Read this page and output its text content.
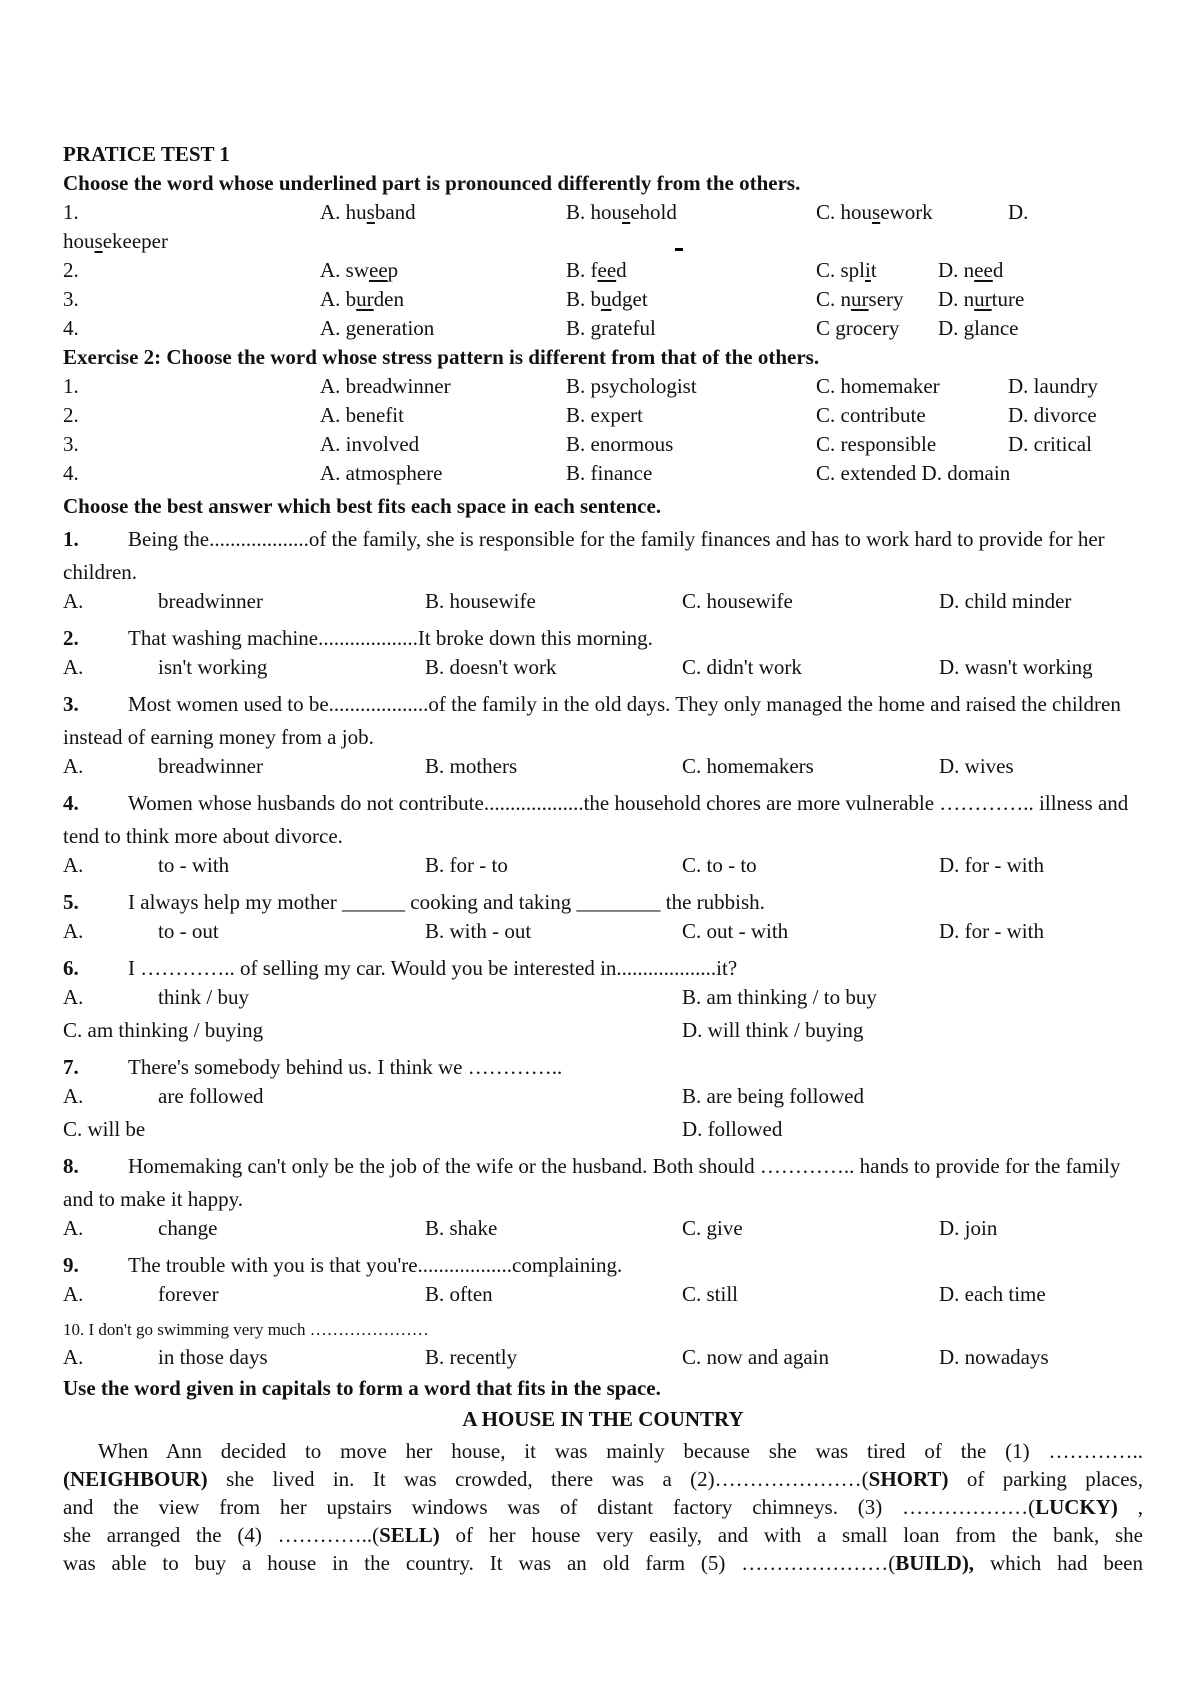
PRATICE TEST 1
Choose the word whose underlined part is pronounced differently from the others.
1.	A. husband	B. household	C. housework	D.
housekeeper
2.	A. sweep	B. feed	C. split	D. need
3.	A. burden	B. budget	C. nursery D. nurture
4.	A. generation	B. grateful	C grocery D. glance
Exercise 2: Choose the word whose stress pattern is different from that of the others.
1.	A. breadwinner	B. psychologist	C. homemaker	D. laundry
2.	A. benefit	B. expert	C. contribute	D. divorce
3.	A. involved	B. enormous	C. responsible	D. critical
4.	A. atmosphere	B. finance	C. extended D. domain
Choose the best answer which best fits each space in each sentence.
1.	Being the...................of the family, she is responsible for the family finances and has to work hard to provide for her children.
A.	breadwinner	B. housewife	C. housewife	D. child minder
2.	That washing machine...................It broke down this morning.
A.	isn't working	B. doesn't work	C. didn't work	D. wasn't working
3.	Most women used to be...................of the family in the old days. They only managed the home and raised the children instead of earning money from a job.
A.	breadwinner	B. mothers	C. homemakers	D. wives
4.	Women whose husbands do not contribute...................the household chores are more vulnerable ………….. illness and tend to think more about divorce.
A.	to - with	B. for - to	C. to - to	D. for - with
5.	I always help my mother ______ cooking and taking ________ the rubbish.
A.	to - out	B. with - out	C. out - with	D. for - with
6.	I ………….. of selling my car. Would you be interested in...................it?
A.	think / buy	B. am thinking / to buy
C. am thinking / buying	D. will think / buying
7.	There's somebody behind us. I think we …………..
A.	are followed	B. are being followed
C. will be	D. followed
8.	Homemaking can't only be the job of the wife or the husband. Both should ………….. hands to provide for the family and to make it happy.
A.	change	B. shake	C. give	D. join
9.	The trouble with you is that you're..................complaining.
A.	forever	B. often	C. still	D. each time
10. I don't go swimming very much …………………
A.	in those days	B. recently	C. now and again	D. nowadays
Use the word given in capitals to form a word that fits in the space.
A HOUSE IN THE COUNTRY
When Ann decided to move her house, it was mainly because she was tired of the (1) …………..
(NEIGHBOUR) she lived in. It was crowded, there was a (2)…………………(SHORT) of parking places,
and the view from her upstairs windows was of distant factory chimneys. (3) ………………(LUCKY) ,
she arranged the (4) …………..(SELL) of her house very easily, and with a small loan from the bank, she
was able to buy a house in the country. It was an old farm (5) …………………(BUILD), which had been
